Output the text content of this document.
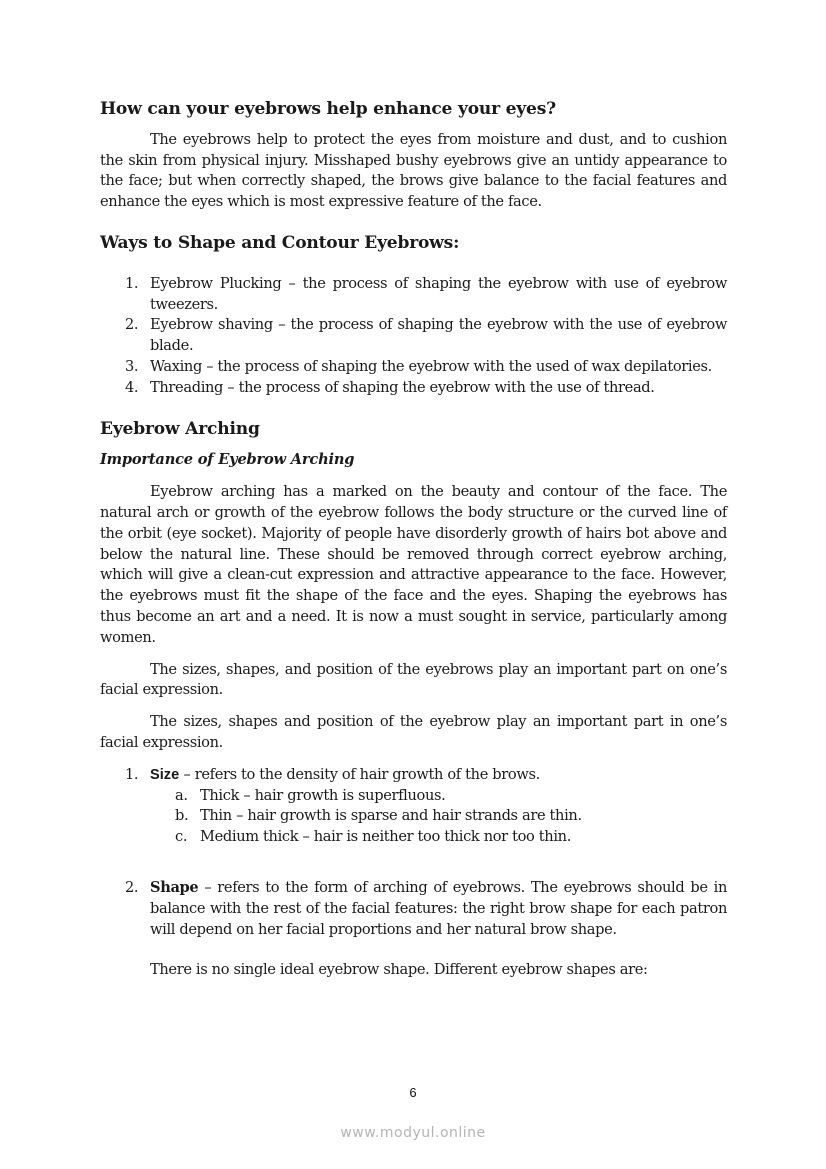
How can your eyebrows help enhance your eyes?

The eyebrows help to protect the eyes from moisture and dust, and to cushion the skin from physical injury. Misshaped bushy eyebrows give an untidy appearance to the face; but when correctly shaped, the brows give balance to the facial features and enhance the eyes which is most expressive feature of the face.

Ways to Shape and Contour Eyebrows:
1. Eyebrow Plucking – the process of shaping the eyebrow with use of eyebrow tweezers.
2. Eyebrow shaving – the process of shaping the eyebrow with the use of eyebrow blade.
3. Waxing – the process of shaping the eyebrow with the used of wax depilatories.
4. Threading – the process of shaping the eyebrow with the use of thread.
Eyebrow Arching
Importance of Eyebrow Arching

Eyebrow arching has a marked on the beauty and contour of the face. The natural arch or growth of the eyebrow follows the body structure or the curved line of the orbit (eye socket). Majority of people have disorderly growth of hairs bot above and below the natural line. These should be removed through correct eyebrow arching, which will give a clean-cut expression and attractive appearance to the face. However, the eyebrows must fit the shape of the face and the eyes. Shaping the eyebrows has thus become an art and a need. It is now a must sought in service, particularly among women.

The sizes, shapes, and position of the eyebrows play an important part on one’s facial expression.

The sizes, shapes and position of the eyebrow play an important part in one’s facial expression.

1. Size – refers to the density of hair growth of the brows.
a. Thick – hair growth is superfluous.
b. Thin – hair growth is sparse and hair strands are thin.
c. Medium thick – hair is neither too thick nor too thin.
2. Shape – refers to the form of arching of eyebrows. The eyebrows should be in balance with the rest of the facial features: the right brow shape for each patron will depend on her facial proportions and her natural brow shape.

There is no single ideal eyebrow shape. Different eyebrow shapes are:

6
www.modyul.online
